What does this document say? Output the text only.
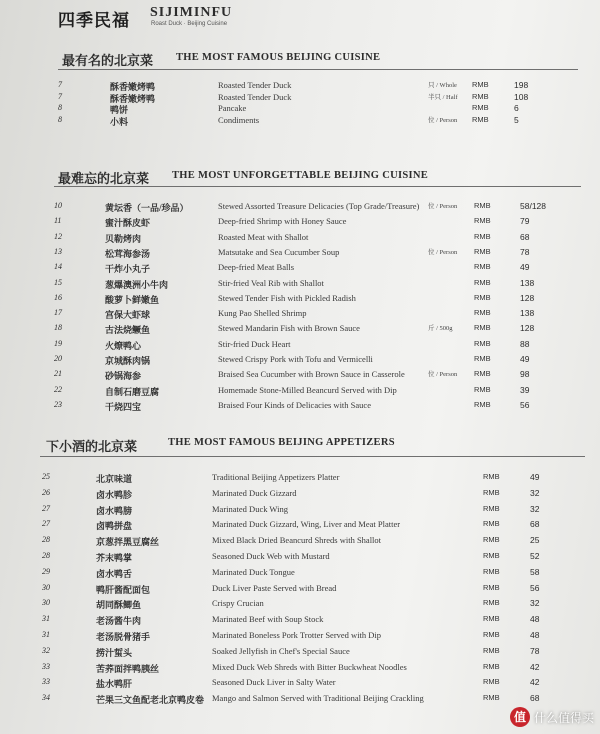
四季民福 SIJIMINFU
Roast Duck · Beijing Cuisine
最有名的北京菜 THE MOST FAMOUS BEIJING CUISINE
7	酥香嫩烤鸭	Roasted Tender Duck	只 / Whole RMB	198
7	酥香嫩烤鸭	Roasted Tender Duck	半只 / Half RMB	108
8	鸭饼	Pancake	RMB	6
8	小料	Condiments	位 / Person RMB	5
最难忘的北京菜 THE MOST UNFORGETTABLE BEIJING CUISINE
10	黄坛香（一品/珍品）	Stewed Assorted Treasure Delicacies (Top Grade/Treasure) 位 / Person RMB	58/128
11	蜜汁酥皮虾	Deep-fried Shrimp with Honey Sauce	RMB	79
12	贝勒烤肉	Roasted Meat with Shallot	RMB	68
13	松茸海参汤	Matsutake and Sea Cucumber Soup	位 / Person RMB	78
14	干炸小丸子	Deep-fried Meat Balls	RMB	49
15	葱爆澳洲小牛肉	Stir-fried Veal Rib with Shallot	RMB	138
16	酸萝卜鲜嫩鱼	Stewed Tender Fish with Pickled Radish	RMB	128
17	宫保大虾球	Kung Pao Shelled Shrimp	RMB	138
18	古法烧鳜鱼	Stewed Mandarin Fish with Brown Sauce	斤 / 500g	RMB	128
19	火燎鸭心	Stir-fried Duck Heart	RMB	88
20	京城酥肉锅	Stewed Crispy Pork with Tofu and Vermicelli	RMB	49
21	砂锅海参	Braised Sea Cucumber with Brown Sauce in Casserole	位 / Person RMB	98
22	自制石磨豆腐	Homemade Stone-Milled Beancurd Served with Dip	RMB	39
23	干烧四宝	Braised Four Kinds of Delicacies with Sauce	RMB	56
下小酒的北京菜	THE MOST FAMOUS BEIJING APPETIZERS
25	北京味道	Traditional Beijing Appetizers Platter	RMB	49
26	卤水鸭胗	Marinated Duck Gizzard	RMB	32
27	卤水鸭膀	Marinated Duck Wing	RMB	32
27	卤鸭拼盘	Marinated Duck Gizzard, Wing, Liver and Meat Platter	RMB	68
28	京葱拌黑豆腐丝	Mixed Black Dried Beancurd Shreds with Shallot	RMB	25
28	芥末鸭掌	Seasoned Duck Web with Mustard	RMB	52
29	卤水鸭舌	Marinated Duck Tongue	RMB	58
30	鸭肝酱配面包	Duck Liver Paste Served with Bread	RMB	56
30	胡同酥鲫鱼	Crispy Crucian	RMB	32
31	老汤酱牛肉	Marinated Beef with Soup Stock	RMB	48
31	老汤脱骨猪手	Marinated Boneless Pork Trotter Served with Dip	RMB	48
32	捞汁蜇头	Soaked Jellyfish in Chef's Special Sauce	RMB	78
33	苦荞面拌鸭胰丝	Mixed Duck Web Shreds with Bitter Buckwheat Noodles	RMB	42
33	盐水鸭肝	Seasoned Duck Liver in Salty Water	RMB	42
34	芒果三文鱼配老北京鸭皮卷 Mango and Salmon Served with Traditional Beijing Crackling	RMB	68
值 什么值得买
